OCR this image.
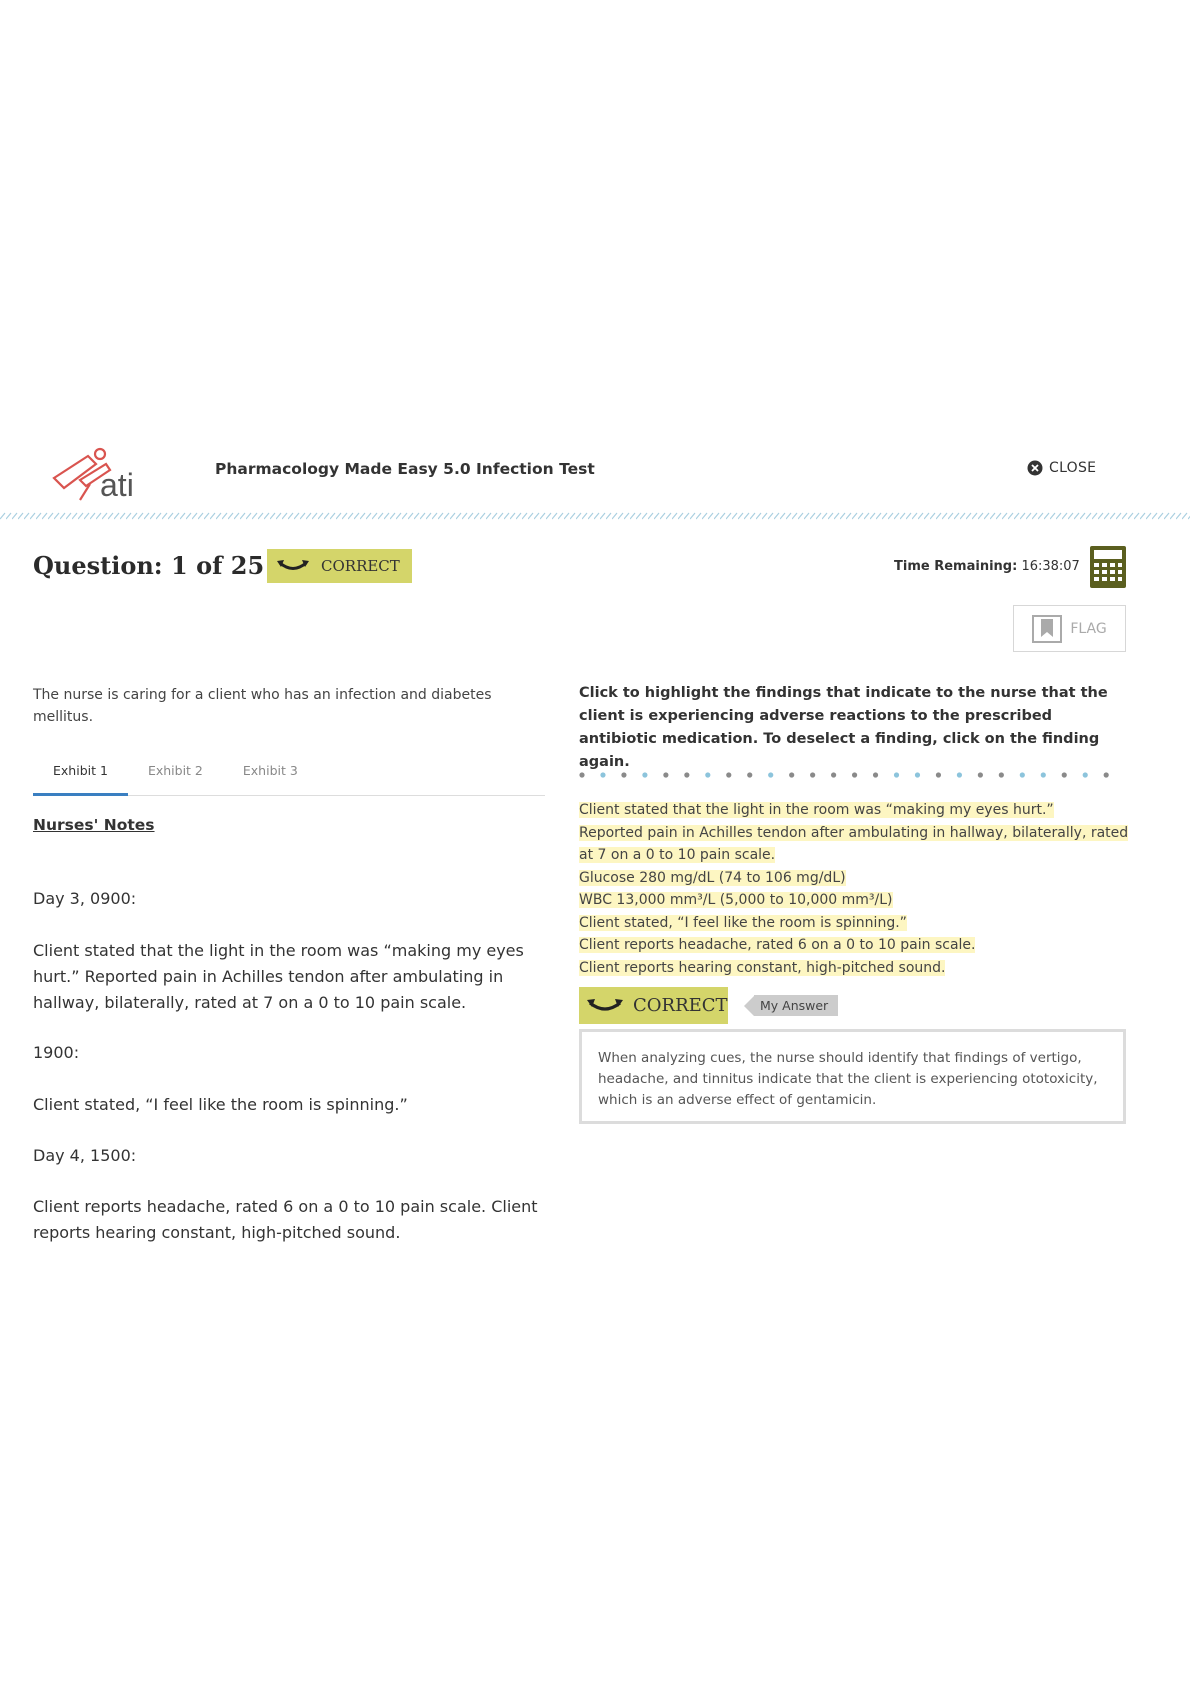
ati	Pharmacology Made Easy 5.0 Infection Test	CLOSE
Question: 1 of 25	CORRECT	Time Remaining: 16:38:07
FLAG
The nurse is caring for a client who has an infection and diabetes mellitus.
Exhibit 1	Exhibit 2	Exhibit 3
Nurses' Notes
Day 3, 0900:
Client stated that the light in the room was “making my eyes hurt.” Reported pain in Achilles tendon after ambulating in hallway, bilaterally, rated at 7 on a 0 to 10 pain scale.
1900:
Client stated, “I feel like the room is spinning.”
Day 4, 1500:
Client reports headache, rated 6 on a 0 to 10 pain scale. Client reports hearing constant, high-pitched sound.
Click to highlight the findings that indicate to the nurse that the client is experiencing adverse reactions to the prescribed antibiotic medication. To deselect a finding, click on the finding again.
Client stated that the light in the room was “making my eyes hurt.”
Reported pain in Achilles tendon after ambulating in hallway, bilaterally, rated at 7 on a 0 to 10 pain scale.
Glucose 280 mg/dL (74 to 106 mg/dL)
WBC 13,000 mm³/L (5,000 to 10,000 mm³/L)
Client stated, “I feel like the room is spinning.”
Client reports headache, rated 6 on a 0 to 10 pain scale.
Client reports hearing constant, high-pitched sound.
CORRECT	My Answer
When analyzing cues, the nurse should identify that findings of vertigo, headache, and tinnitus indicate that the client is experiencing ototoxicity, which is an adverse effect of gentamicin.
